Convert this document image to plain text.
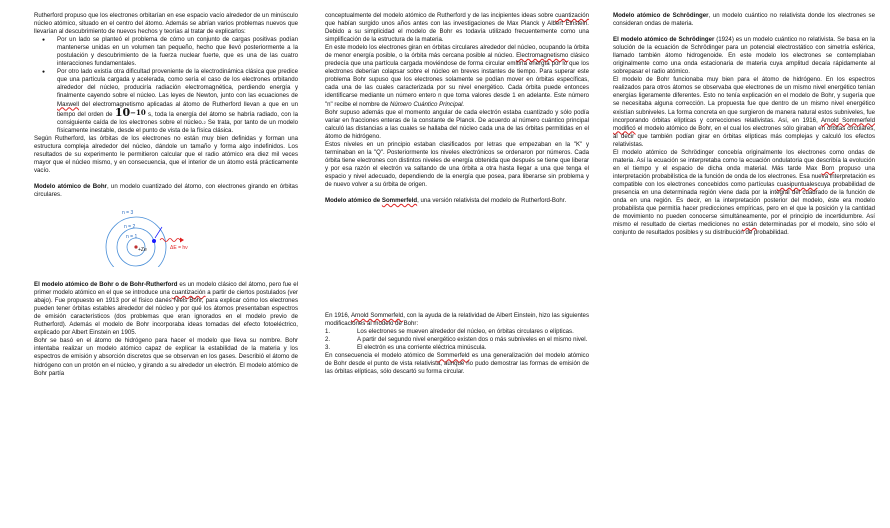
Rutherford propuso que los electrones orbitarían en ese espacio vacío alrededor de un minúsculo núcleo atómico, situado en el centro del átomo. Además se abrían varios problemas nuevos que llevarían al descubrimiento de nuevos hechos y teorías al tratar de explicarlos:

● Por un lado se planteó el problema de cómo un conjunto de cargas positivas podían mantenerse unidas en un volumen tan pequeño, hecho que llevó posteriormente a la postulación y descubrimiento de la fuerza nuclear fuerte, que es una de las cuatro interacciones fundamentales.
● Por otro lado existía otra dificultad proveniente de la electrodinámica clásica que predice que una partícula cargada y acelerada, como sería el caso de los electrones orbitando alrededor del núcleo, produciría radiación electromagnética, perdiendo energía y finalmente cayendo sobre el núcleo. Las leyes de Newton, junto con las ecuaciones de Maxwell del electromagnetismo aplicadas al átomo de Rutherford llevan a que en un tiempo del orden de 10−10 s, toda la energía del átomo se habría radiado, con la consiguiente caída de los electrones sobre el núcleo.$^2$ Se trata, por tanto de un modelo físicamente inestable, desde el punto de vista de la física clásica.

Según Rutherford, las órbitas de los electrones no están muy bien definidas y forman una estructura compleja alrededor del núcleo, dándole un tamaño y forma algo indefinidos. Los resultados de su experimento le permitieron calcular que el radio atómico era diez mil veces mayor que el núcleo mismo, y en consecuencia, que el interior de un átomo está prácticamente vacío.

Modelo atómico de Bohr, un modelo cuantizado del átomo, con electrones girando en órbitas circulares.

n = 3
n = 2
n = 1
+Ze	ΔE = hν

El modelo atómico de Bohr o de Bohr-Rutherford es un modelo clásico del átomo, pero fue el primer modelo atómico en el que se introduce una cuantización a partir de ciertos postulados (ver abajo). Fue propuesto en 1913 por el físico danés Niels Bohr, para explicar cómo los electrones pueden tener órbitas estables alrededor del núcleo y por qué los átomos presentaban espectros de emisión característicos (dos problemas que eran ignorados en el modelo previo de Rutherford). Además el modelo de Bohr incorporaba ideas tomadas del efecto fotoeléctrico, explicado por Albert Einstein en 1905.

Bohr se basó en el átomo de hidrógeno para hacer el modelo que lleva su nombre. Bohr intentaba realizar un modelo atómico capaz de explicar la estabilidad de la materia y los espectros de emisión y absorción discretos que se observan en los gases. Describió el átomo de hidrógeno con un protón en el núcleo, y girando a su alrededor un electrón. El modelo atómico de Bohr partía

conceptualmente del modelo atómico de Rutherford y de las incipientes ideas sobre cuantización que habían surgido unos años antes con las investigaciones de Max Planck y Albert Einstein. Debido a su simplicidad el modelo de Bohr es todavía utilizado frecuentemente como una simplificación de la estructura de la materia.

En este modelo los electrones giran en órbitas circulares alrededor del núcleo, ocupando la órbita de menor energía posible, o la órbita más cercana posible al núcleo. Electromagnetismo clásico predecía que una partícula cargada moviéndose de forma circular emitiría energía por lo que los electrones deberían colapsar sobre el núcleo en breves instantes de tiempo. Para superar este problema Bohr supuso que los electrones solamente se podían mover en órbitas específicas, cada una de las cuales caracterizada por su nivel energético. Cada órbita puede entonces identificarse mediante un número entero n que toma valores desde 1 en adelante. Este número "n" recibe el nombre de Número Cuántico Principal.

Bohr supuso además que el momento angular de cada electrón estaba cuantizado y sólo podía variar en fracciones enteras de la constante de Planck. De acuerdo al número cuántico principal calculó las distancias a las cuales se hallaba del núcleo cada una de las órbitas permitidas en el átomo de hidrógeno.

Estos niveles en un principio estaban clasificados por letras que empezaban en la "K" y terminaban en la "Q". Posteriormente los niveles electrónicos se ordenaron por números. Cada órbita tiene electrones con distintos niveles de energía obtenida que después se tiene que liberar y por esa razón el electrón va saltando de una órbita a otra hasta llegar a una que tenga el espacio y nivel adecuado, dependiendo de la energía que posea, para liberarse sin problema y de nuevo volver a su órbita de origen.

Modelo atómico de Sommerfeld, una versión relativista del modelo de Rutherford-Bohr.

En 1916, Arnold Sommerfeld, con la ayuda de la relatividad de Albert Einstein, hizo las siguientes modificaciones al modelo de Bohr:

1.	Los electrones se mueven alrededor del núcleo, en órbitas circulares o elípticas.
2.	A partir del segundo nivel energético existen dos o más subniveles en el mismo nivel.
3.	El electrón es una corriente eléctrica minúscula.

En consecuencia el modelo atómico de Sommerfeld es una generalización del modelo atómico de Bohr desde el punto de vista relativista, aunque no pudo demostrar las formas de emisión de las órbitas elípticas, sólo descartó su forma circular.

Modelo atómico de Schrödinger, un modelo cuántico no relativista donde los electrones se consideran ondas de materia.

El modelo atómico de Schrödinger (1924) es un modelo cuántico no relativista. Se basa en la solución de la ecuación de Schrödinger para un potencial electrostático con simetría esférica, llamado también átomo hidrogenoide. En este modelo los electrones se contemplaban originalmente como una onda estacionaria de materia cuya amplitud decaía rápidamente al sobrepasar el radio atómico.

El modelo de Bohr funcionaba muy bien para el átomo de hidrógeno. En los espectros realizados para otros átomos se observaba que electrones de un mismo nivel energético tenían energías ligeramente diferentes. Esto no tenía explicación en el modelo de Bohr, y sugería que se necesitaba alguna corrección. La propuesta fue que dentro de un mismo nivel energético existían subniveles. La forma concreta en que surgieron de manera natural estos subniveles, fue incorporando órbitas elípticas y correcciones relativistas. Así, en 1916, Arnold Sommerfeld modificó el modelo atómico de Bohr, en el cual los electrones sólo giraban en órbitas circulares, al decir que también podían girar en órbitas elípticas más complejas y calculó los efectos relativistas.

El modelo atómico de Schrödinger concebía originalmente los electrones como ondas de materia. Así la ecuación se interpretaba como la ecuación ondulatoria que describía la evolución en el tiempo y el espacio de dicha onda material. Más tarde Max Born propuso una interpretación probabilística de la función de onda de los electrones. Esa nueva interpretación es compatible con los electrones concebidos como partículas cuasipuntualescuya probabilidad de presencia en una determinada región viene dada por la integral del cuadrado de la función de onda en una región. Es decir, en la interpretación posterior del modelo, éste era modelo probabilista que permitía hacer predicciones empíricas, pero en el que la posición y la cantidad de movimiento no pueden conocerse simultáneamente, por el principio de incertidumbre. Así mismo el resultado de ciertas mediciones no están determinadas por el modelo, sino sólo el conjunto de resultados posibles y su distribución de probabilidad.
